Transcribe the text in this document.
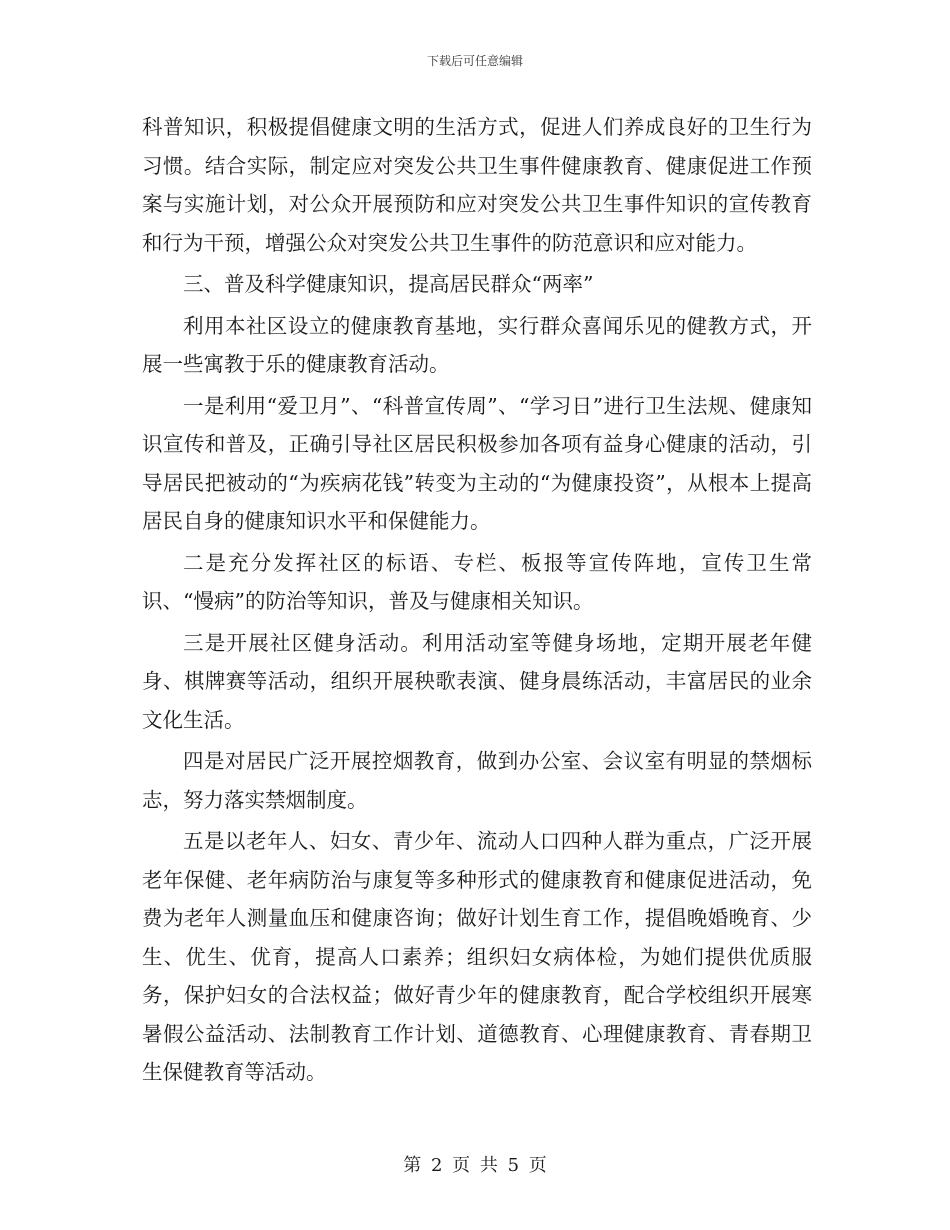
下载后可任意编辑

科普知识，积极提倡健康文明的生活方式，促进人们养成良好的卫生行为习惯。结合实际，制定应对突发公共卫生事件健康教育、健康促进工作预案与实施计划，对公众开展预防和应对突发公共卫生事件知识的宣传教育和行为干预，增强公众对突发公共卫生事件的防范意识和应对能力。

三、普及科学健康知识，提高居民群众“两率”

利用本社区设立的健康教育基地，实行群众喜闻乐见的健教方式，开展一些寓教于乐的健康教育活动。

一是利用“爱卫月”、“科普宣传周”、“学习日”进行卫生法规、健康知识宣传和普及，正确引导社区居民积极参加各项有益身心健康的活动，引导居民把被动的“为疾病花钱”转变为主动的“为健康投资”，从根本上提高居民自身的健康知识水平和保健能力。

二是充分发挥社区的标语、专栏、板报等宣传阵地，宣传卫生常识、“慢病”的防治等知识，普及与健康相关知识。

三是开展社区健身活动。利用活动室等健身场地，定期开展老年健身、棋牌赛等活动，组织开展秧歌表演、健身晨练活动，丰富居民的业余文化生活。

四是对居民广泛开展控烟教育，做到办公室、会议室有明显的禁烟标志，努力落实禁烟制度。

五是以老年人、妇女、青少年、流动人口四种人群为重点，广泛开展老年保健、老年病防治与康复等多种形式的健康教育和健康促进活动，免费为老年人测量血压和健康咨询；做好计划生育工作，提倡晚婚晚育、少生、优生、优育，提高人口素养；组织妇女病体检，为她们提供优质服务，保护妇女的合法权益；做好青少年的健康教育，配合学校组织开展寒暑假公益活动、法制教育工作计划、道德教育、心理健康教育、青春期卫生保健教育等活动。

第 2 页 共 5 页
